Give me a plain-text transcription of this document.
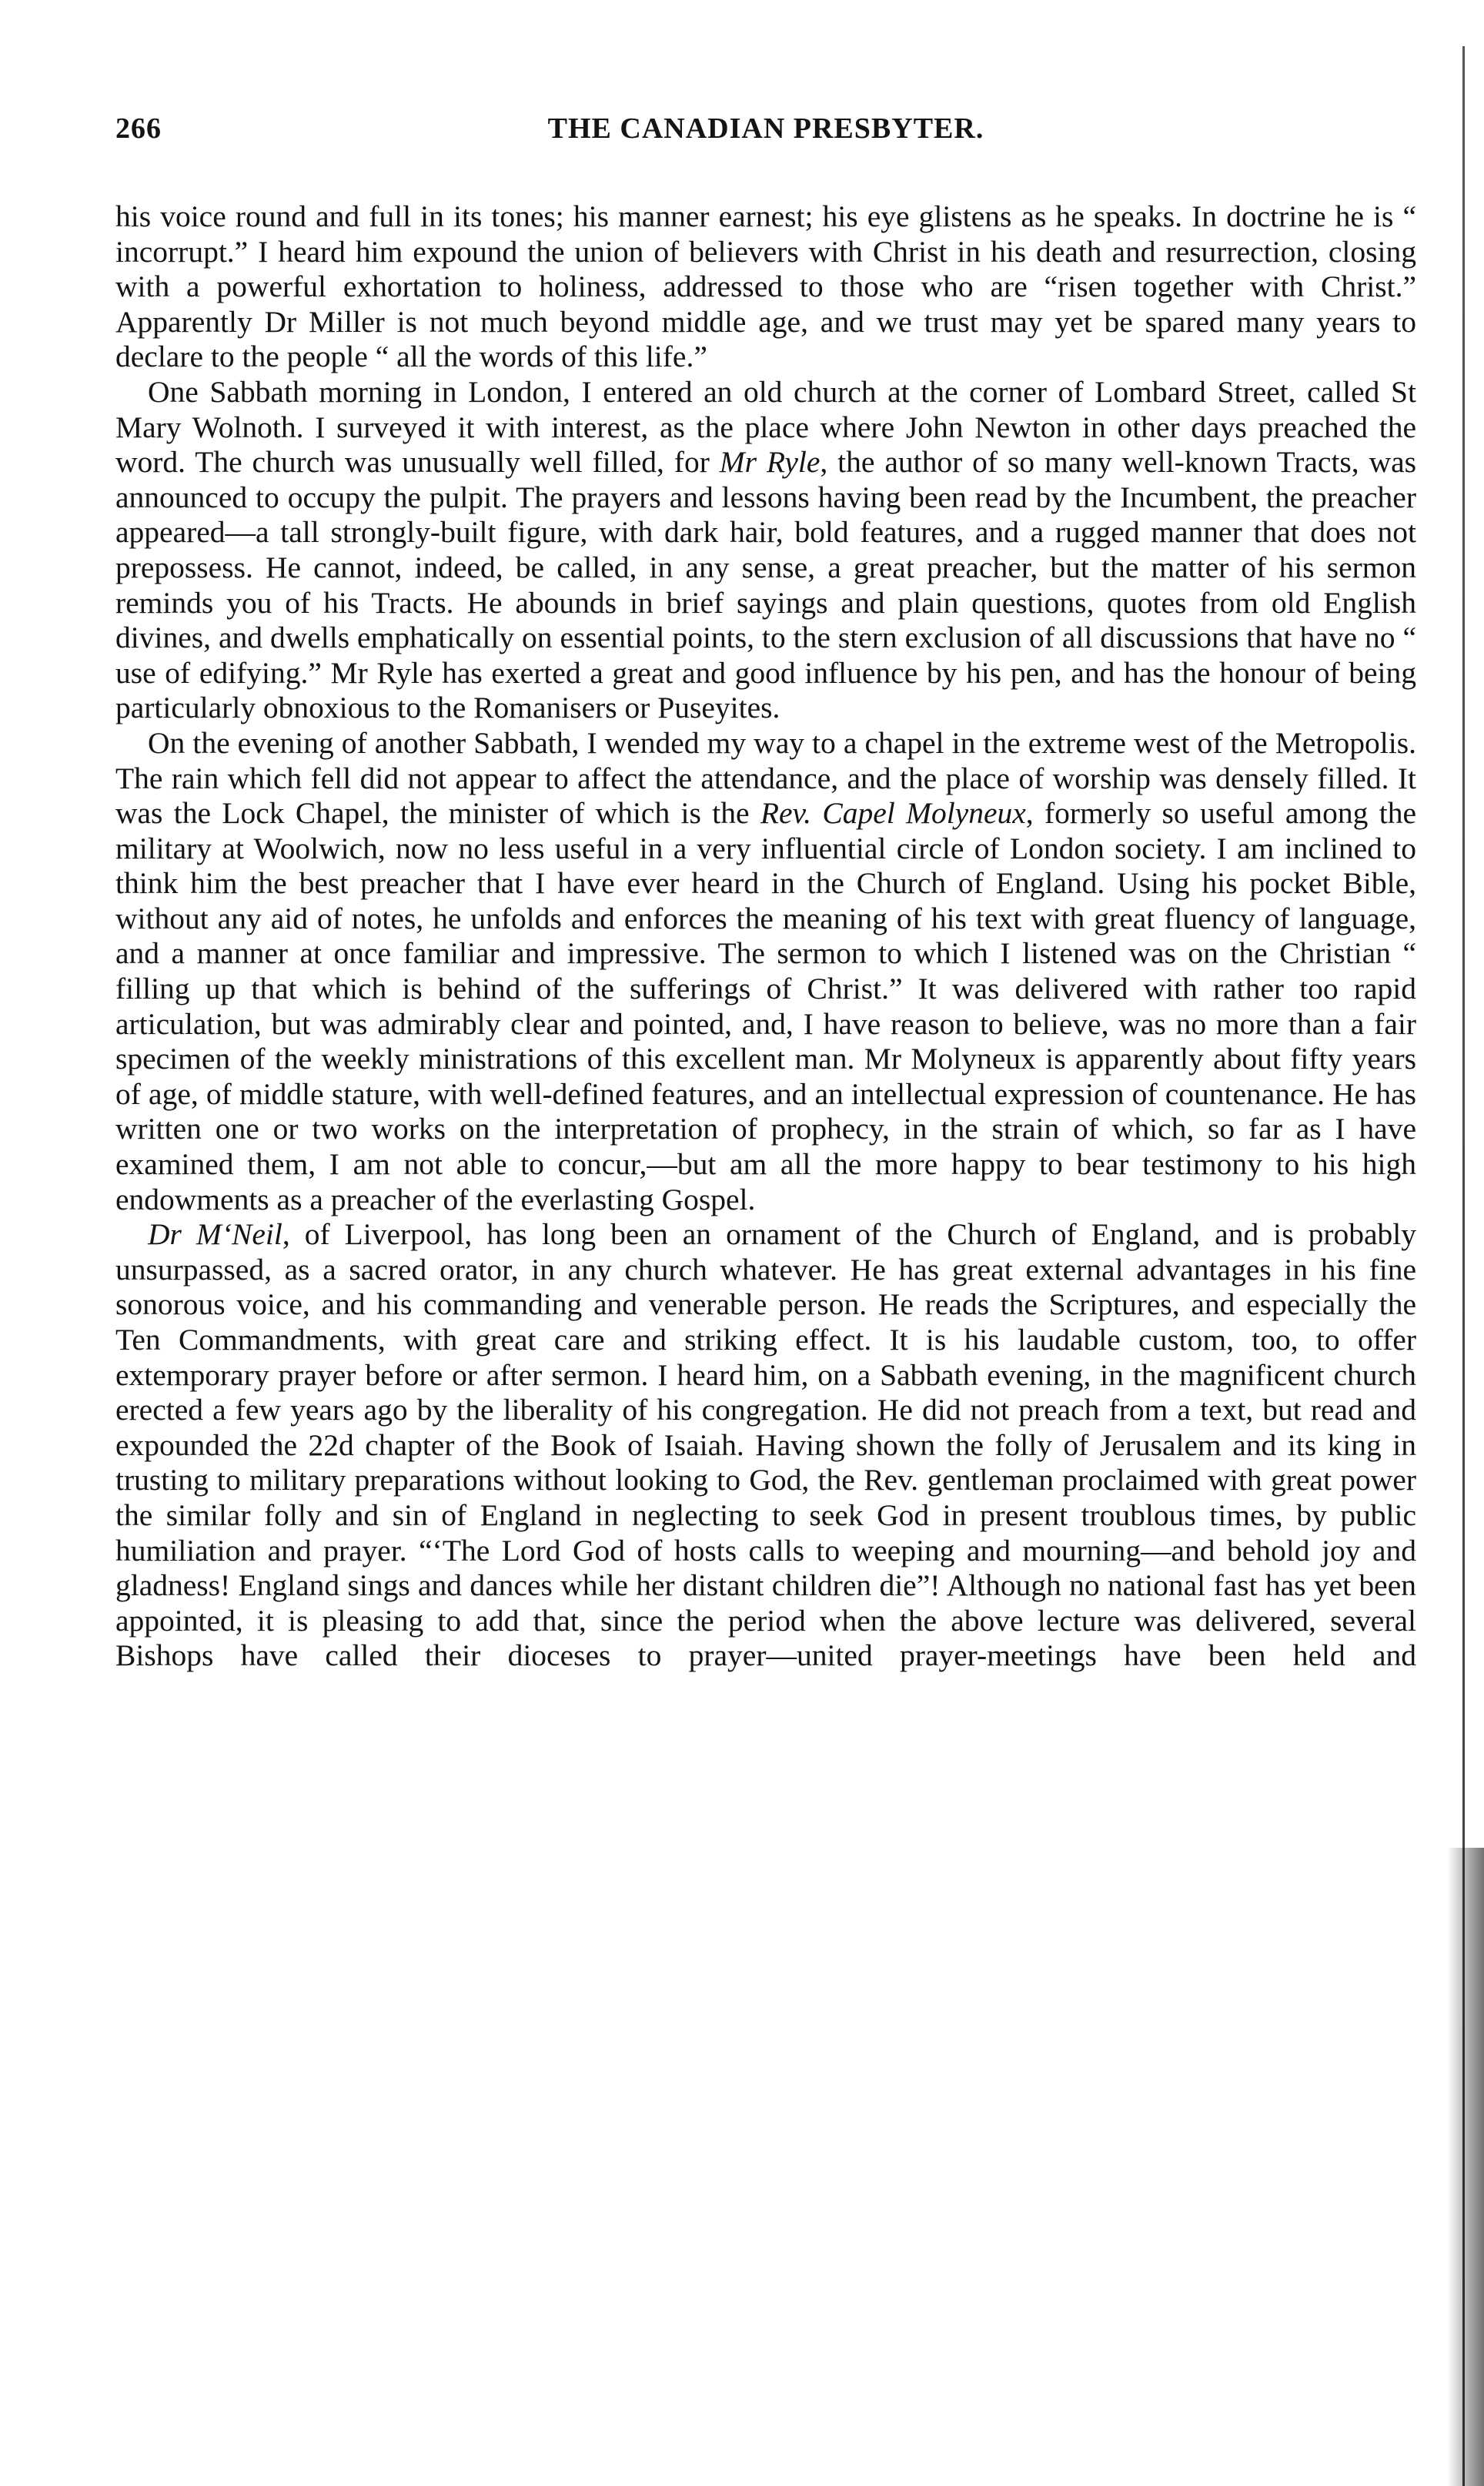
266	THE CANADIAN PRESBYTER.

his voice round and full in its tones; his manner earnest; his eye glistens as he speaks. In doctrine he is “ incorrupt.” I heard him expound the union of believers with Christ in his death and resurrection, closing with a powerful exhortation to holiness, addressed to those who are “risen together with Christ.” Apparently Dr Miller is not much beyond middle age, and we trust may yet be spared many years to declare to the people “ all the words of this life.”

One Sabbath morning in London, I entered an old church at the corner of Lombard Street, called St Mary Wolnoth. I surveyed it with interest, as the place where John Newton in other days preached the word. The church was unusually well filled, for Mr Ryle, the author of so many well-known Tracts, was announced to occupy the pulpit. The prayers and lessons having been read by the Incumbent, the preacher appeared—a tall strongly-built figure, with dark hair, bold features, and a rugged manner that does not prepossess. He cannot, indeed, be called, in any sense, a great preacher, but the matter of his sermon reminds you of his Tracts. He abounds in brief sayings and plain questions, quotes from old English divines, and dwells emphatically on essential points, to the stern exclusion of all discussions that have no “ use of edifying.” Mr Ryle has exerted a great and good influence by his pen, and has the honour of being particularly obnoxious to the Romanisers or Puseyites.

On the evening of another Sabbath, I wended my way to a chapel in the extreme west of the Metropolis. The rain which fell did not appear to affect the attendance, and the place of worship was densely filled. It was the Lock Chapel, the minister of which is the Rev. Capel Molyneux, formerly so useful among the military at Woolwich, now no less useful in a very influential circle of London society. I am inclined to think him the best preacher that I have ever heard in the Church of England. Using his pocket Bible, without any aid of notes, he unfolds and enforces the meaning of his text with great fluency of language, and a manner at once familiar and impressive. The sermon to which I listened was on the Christian “ filling up that which is behind of the sufferings of Christ.” It was delivered with rather too rapid articulation, but was admirably clear and pointed, and, I have reason to believe, was no more than a fair specimen of the weekly ministrations of this excellent man. Mr Molyneux is apparently about fifty years of age, of middle stature, with well-defined features, and an intellectual expression of countenance. He has written one or two works on the interpretation of prophecy, in the strain of which, so far as I have examined them, I am not able to concur,—but am all the more happy to bear testimony to his high endowments as a preacher of the everlasting Gospel.

Dr M‘Neil, of Liverpool, has long been an ornament of the Church of England, and is probably unsurpassed, as a sacred orator, in any church whatever. He has great external advantages in his fine sonorous voice, and his commanding and venerable person. He reads the Scriptures, and especially the Ten Commandments, with great care and striking effect. It is his laudable custom, too, to offer extemporary prayer before or after sermon. I heard him, on a Sabbath evening, in the magnificent church erected a few years ago by the liberality of his congregation. He did not preach from a text, but read and expounded the 22d chapter of the Book of Isaiah. Having shown the folly of Jerusalem and its king in trusting to military preparations without looking to God, the Rev. gentleman proclaimed with great power the similar folly and sin of England in neglecting to seek God in present troublous times, by public humiliation and prayer. “‘The Lord God of hosts calls to weeping and mourning—and behold joy and gladness! England sings and dances while her distant children die”! Although no national fast has yet been appointed, it is pleasing to add that, since the period when the above lecture was delivered, several Bishops have called their dioceses to prayer—united prayer-meetings have been held and
